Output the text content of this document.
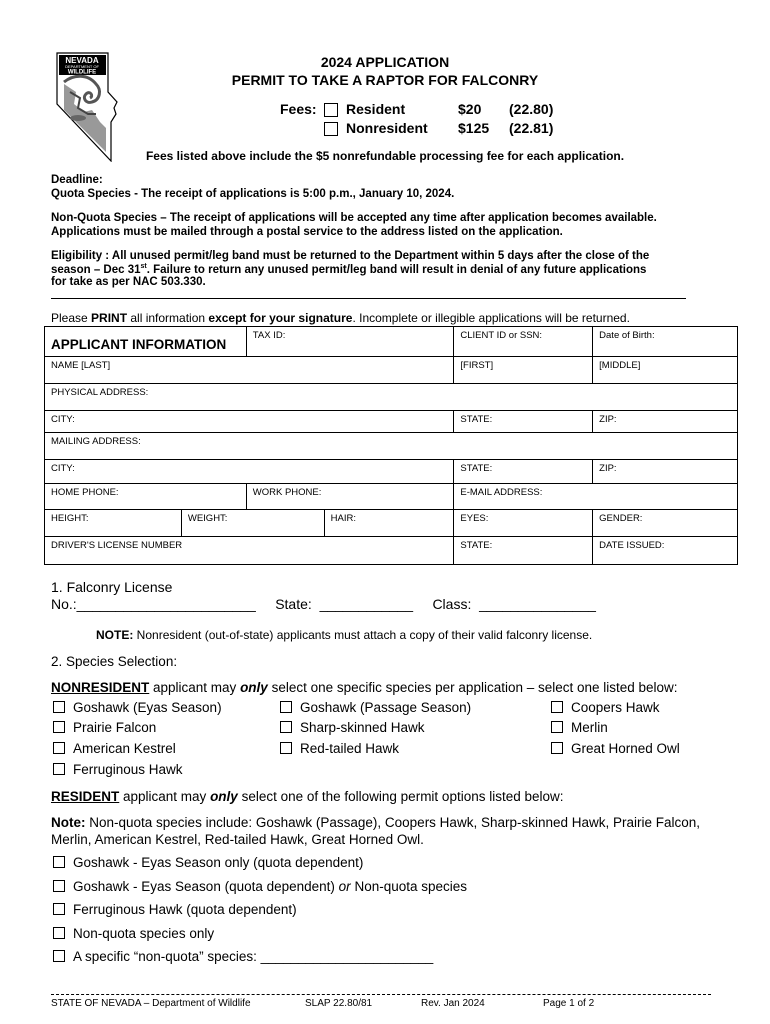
NEVADA
DEPARTMENT OF
WILDLIFE
2024 APPLICATION
PERMIT TO TAKE A RAPTOR FOR FALCONRY
Fees: Resident	$20 (22.80)
Nonresident $125 (22.81)
Fees listed above include the $5 nonrefundable processing fee for each application.
Deadline:
Quota Species - The receipt of applications is 5:00 p.m., January 10, 2024.
Non-Quota Species – The receipt of applications will be accepted any time after application becomes available.
Applications must be mailed through a postal service to the address listed on the application.
Eligibility : All unused permit/leg band must be returned to the Department within 5 days after the close of the
season – Dec 31st. Failure to return any unused permit/leg band will result in denial of any future applications
for take as per NAC 503.330.
Please PRINT all information except for your signature. Incomplete or illegible applications will be returned.
APPLICANT INFORMATION		TAX ID:		CLIENT ID or SSN:	Date of Birth:

NAME [LAST]				[FIRST]	[MIDDLE]

PHYSICAL ADDRESS:					

CITY:				STATE:	ZIP:

MAILING ADDRESS:					

CITY:				STATE:	ZIP:

HOME PHONE:		WORK PHONE:		E-MAIL ADDRESS:	

HEIGHT:	WEIGHT:		HAIR:	EYES:	GENDER:

DRIVER'S LICENSE NUMBER				STATE:	DATE ISSUED:
1. Falconry License
No.:_______________________     State:  ____________     Class:  _______________
NOTE: Nonresident (out-of-state) applicants must attach a copy of their valid falconry license.
2. Species Selection:
NONRESIDENT applicant may only select one specific species per application – select one listed below:
Goshawk (Eyas Season)	Goshawk (Passage Season)	Coopers Hawk
Prairie Falcon	Sharp-skinned Hawk	Merlin
American Kestrel	Red-tailed Hawk	Great Horned Owl
Ferruginous Hawk
RESIDENT applicant may only select one of the following permit options listed below:
Note: Non-quota species include: Goshawk (Passage), Coopers Hawk, Sharp-skinned Hawk, Prairie Falcon,
Merlin, American Kestrel, Red-tailed Hawk, Great Horned Owl.
Goshawk - Eyas Season only (quota dependent)
Goshawk - Eyas Season (quota dependent) or Non-quota species
Ferruginous Hawk (quota dependent)
Non-quota species only
A specific “non-quota” species: _______________________
STATE OF NEVADA – Department of Wildlife	SLAP 22.80/81	Rev. Jan 2024	Page 1 of 2
